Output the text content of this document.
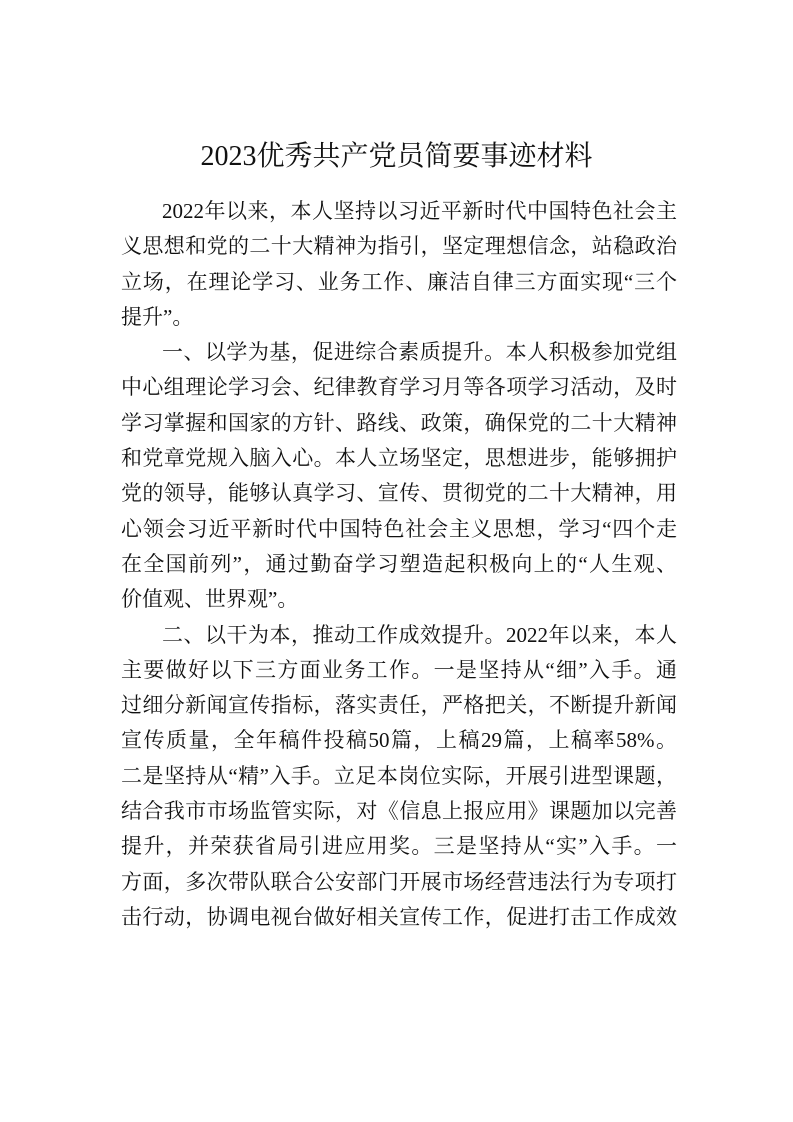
2023优秀共产党员简要事迹材料
2022年以来，本人坚持以习近平新时代中国特色社会主
义思想和党的二十大精神为指引，坚定理想信念，站稳政治
立场，在理论学习、业务工作、廉洁自律三方面实现“三个
提升”。
一、以学为基，促进综合素质提升。本人积极参加党组
中心组理论学习会、纪律教育学习月等各项学习活动，及时
学习掌握和国家的方针、路线、政策，确保党的二十大精神
和党章党规入脑入心。本人立场坚定，思想进步，能够拥护
党的领导，能够认真学习、宣传、贯彻党的二十大精神，用
心领会习近平新时代中国特色社会主义思想，学习“四个走
在全国前列”，通过勤奋学习塑造起积极向上的“人生观、
价值观、世界观”。
二、以干为本，推动工作成效提升。2022年以来，本人
主要做好以下三方面业务工作。一是坚持从“细”入手。通
过细分新闻宣传指标，落实责任，严格把关，不断提升新闻
宣传质量，全年稿件投稿50篇，上稿29篇，上稿率58%。
二是坚持从“精”入手。立足本岗位实际，开展引进型课题，
结合我市市场监管实际，对《信息上报应用》课题加以完善
提升，并荣获省局引进应用奖。三是坚持从“实”入手。一
方面，多次带队联合公安部门开展市场经营违法行为专项打
击行动，协调电视台做好相关宣传工作，促进打击工作成效
